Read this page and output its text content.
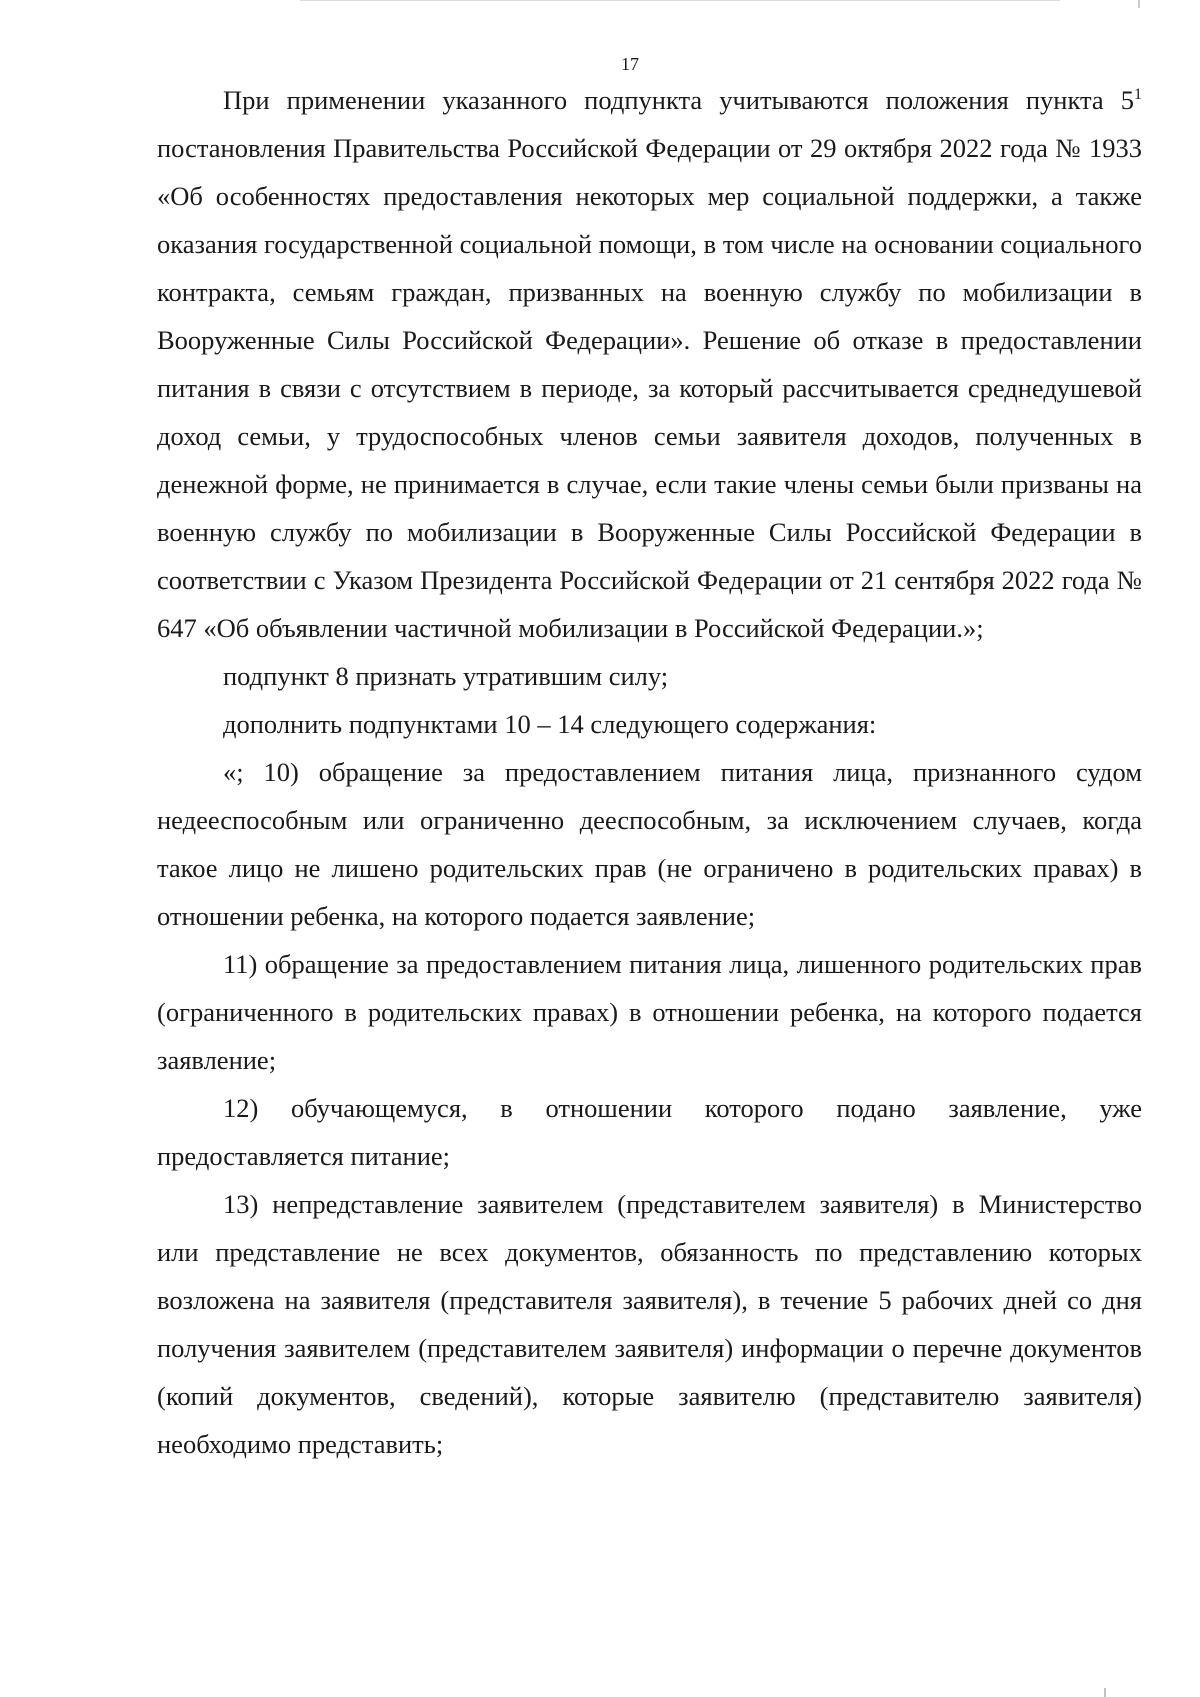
17

При применении указанного подпункта учитываются положения пункта 5$^1$ постановления Правительства Российской Федерации от 29 октября 2022 года № 1933 «Об особенностях предоставления некоторых мер социальной поддержки, а также оказания государственной социальной помощи, в том числе на основании социального контракта, семьям граждан, призванных на военную службу по мобилизации в Вооруженные Силы Российской Федерации». Решение об отказе в предоставлении питания в связи с отсутствием в периоде, за который рассчитывается среднедушевой доход семьи, у трудоспособных членов семьи заявителя доходов, полученных в денежной форме, не принимается в случае, если такие члены семьи были призваны на военную службу по мобилизации в Вооруженные Силы Российской Федерации в соответствии с Указом Президента Российской Федерации от 21 сентября 2022 года № 647 «Об объявлении частичной мобилизации в Российской Федерации.»;

подпункт 8 признать утратившим силу;

дополнить подпунктами 10 – 14 следующего содержания:

«; 10) обращение за предоставлением питания лица, признанного судом недееспособным или ограниченно дееспособным, за исключением случаев, когда такое лицо не лишено родительских прав (не ограничено в родительских правах) в отношении ребенка, на которого подается заявление;

11) обращение за предоставлением питания лица, лишенного родительских прав (ограниченного в родительских правах) в отношении ребенка, на которого подается заявление;

12) обучающемуся, в отношении которого подано заявление, уже предоставляется питание;

13) непредставление заявителем (представителем заявителя) в Министерство или представление не всех документов, обязанность по представлению которых возложена на заявителя (представителя заявителя), в течение 5 рабочих дней со дня получения заявителем (представителем заявителя) информации о перечне документов (копий документов, сведений), которые заявителю (представителю заявителя) необходимо представить;
